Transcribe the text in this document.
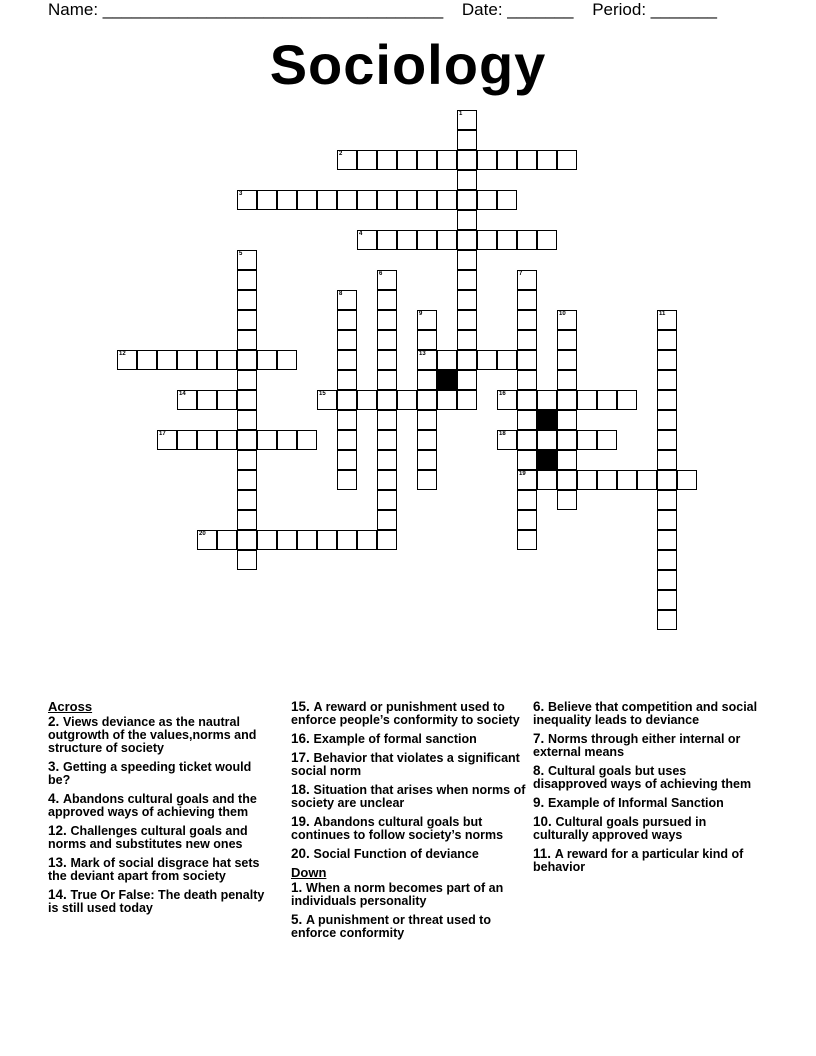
Name: ____________________________________ Date: _______ Period: _______
Sociology
1
2
3
4
5
6	7
19
8
9
13
10	11
12
14	15	16
17	18
20
Across
2. Views deviance as the nautral outgrowth of the values,norms and structure of society
3. Getting a speeding ticket would be?
4. Abandons cultural goals and the approved ways of achieving them
12. Challenges cultural goals and norms and substitutes new ones
13. Mark of social disgrace hat sets the deviant apart from society
14. True Or False: The death penalty is still used today
15. A reward or punishment used to enforce people’s conformity to society
16. Example of formal sanction
17. Behavior that violates a significant social norm
18. Situation that arises when norms of society are unclear
19. Abandons cultural goals but continues to follow society’s norms
20. Social Function of deviance
Down
1. When a norm becomes part of an individuals personality
5. A punishment or threat used to enforce conformity
6. Believe that competition and social inequality leads to deviance
7. Norms through either internal or external means
8. Cultural goals but uses disapproved ways of achieving them
9. Example of Informal Sanction
10. Cultural goals pursued in culturally approved ways
11. A reward for a particular kind of behavior
